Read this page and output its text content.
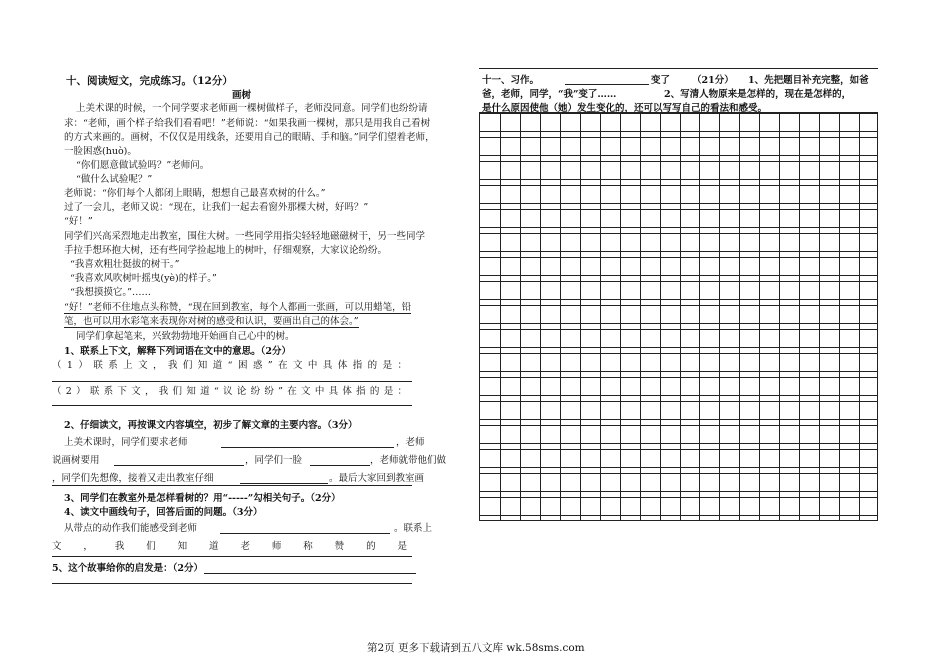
十、阅读短文，完成练习。（12分）
画树
上美术课的时候，一个同学要求老师画一棵树做样子，老师没同意。同学们也纷纷请
求：“老师，画个样子给我们看看吧！”老师说：“如果我画一棵树，那只是用我自己看树
的方式来画的。画树，不仅仅是用线条，还要用自己的眼睛、手和脑。”同学们望着老师，
一脸困惑(huò)。
“你们愿意做试验吗？”老师问。
“做什么试验呢？”
老师说：“你们每个人都闭上眼睛，想想自己最喜欢树的什么。”
过了一会儿，老师又说：“现在，让我们一起去看窗外那棵大树，好吗？”
“好！”
同学们兴高采烈地走出教室，围住大树。一些同学用指尖轻轻地磁磁树干，另一些同学
手拉手想环抱大树，还有些同学捡起地上的树叶，仔细观察，大家议论纷纷。
“我喜欢粗壮挺拔的树干。”
“我喜欢风吹树叶摇曳(yè)的样子。”
“我想摸摸它。”……
“好！”老师不住地点头称赞，“现在回到教室，每个人都画一张画，可以用蜡笔，铅
笔，也可以用水彩笔来表现你对树的感受和认识，要画出自己的体会。”
同学们拿起笔来，兴致勃勃地开始画自己心中的树。
1、联系上下文，解释下列词语在文中的意思。（2分）
（1）联系上文，我们知道“困惑”在文中具体指的是：
（2）联系下文，我们知道“议论纷纷”在文中具体指的是：
2、仔细读文，再按课文内容填空，初步了解文章的主要内容。（3分）
上美术课时，同学们要求老师	，老师
说画树要用	，同学们一脸	，老师就带他们做
，同学们先想像，接着又走出教室仔细	。最后大家回到教室画
3、同学们在教室外是怎样看树的？用“-----”勾相关句子。（2分）
4、读文中画线句子，回答后面的问题。（3分）
从带点的动作我们能感受到老师	。联系上
文，我们知道老师称赞的是
5、这个故事给你的启发是：（2分）
十一、习作。	变了 （21分） 1、先把题目补充完整，如爸
爸，老师，同学，“我”变了……	2、写清人物原来是怎样的，现在是怎样的，
是什么原因使他（她）发生变化的，还可以写写自己的看法和感受。
第2页 更多下载请到五八文库 wk.58sms.com
